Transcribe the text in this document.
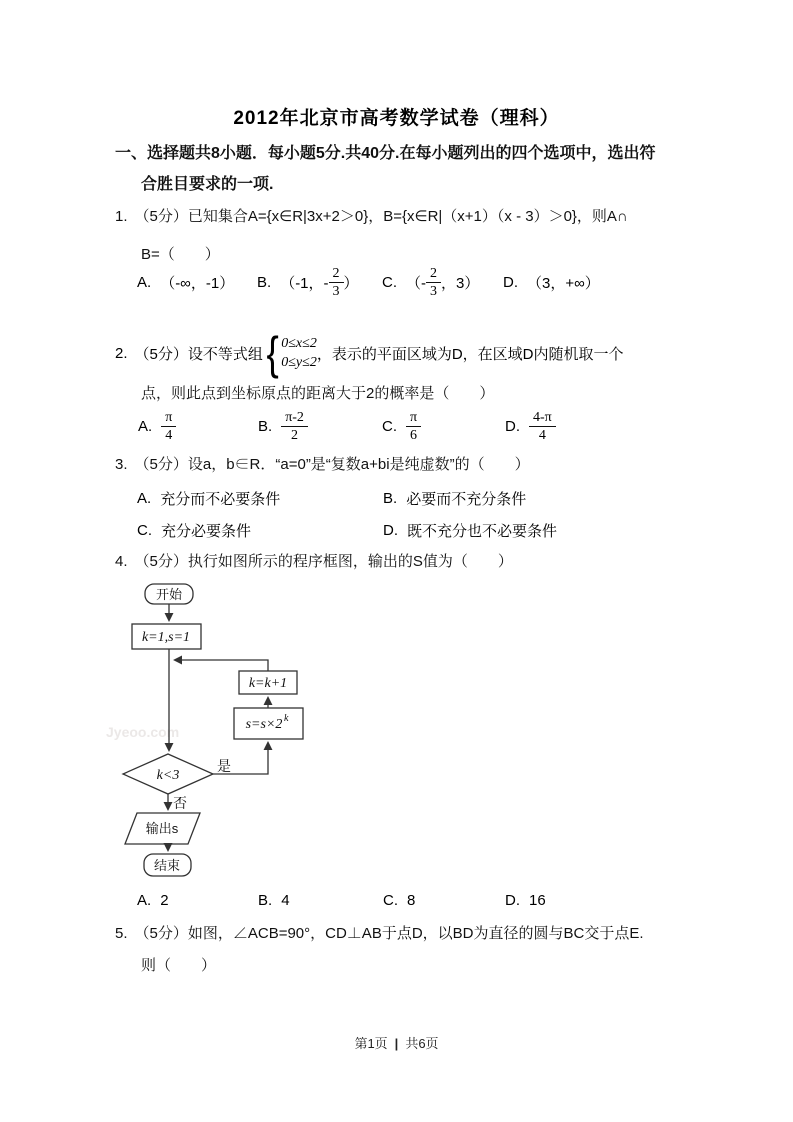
2012年北京市高考数学试卷（理科）
一、选择题共8小题．每小题5分.共40分.在每小题列出的四个选项中，选出符
合胜目要求的一项.
1. （5分）已知集合A={x∈R|3x+2＞0}，B={x∈R|（x+1）（x - 3）＞0}，则A∩
B=（　　）
A. （-∞，-1） B. （-1，- $\frac{2}{3}$ ） C. （- $\frac{2}{3}$ ，3） D. （3，+∞）
2. （5分）设不等式组 { 0≤x≤2
0≤y≤2 ，表示的平面区域为D，在区域D内随机取一个
点，则此点到坐标原点的距离大于2的概率是（　　）
A. $\frac{\pi}{4}$	B. $\frac{\pi-2}{2}$	C. $\frac{\pi}{6}$	D. $\frac{4-\pi}{4}$
3. （5分）设a，b∈R．“a=0”是“复数a+bi是纯虚数”的（　　）
A. 充分而不必要条件	B. 必要而不充分条件
C. 充分必要条件	D. 既不充分也不必要条件
4. （5分）执行如图所示的程序框图，输出的S值为（　　）
Jyeoo.com
开始
k=1,s=1
k=k+1
s=s×2 k
k<3
是
否
输出s
结束
A. 2	B. 4	C. 8	D. 16
5. （5分）如图，∠ACB=90°，CD⊥AB于点D，以BD为直径的圆与BC交于点E.
则（　　）
第1页 | 共6页
